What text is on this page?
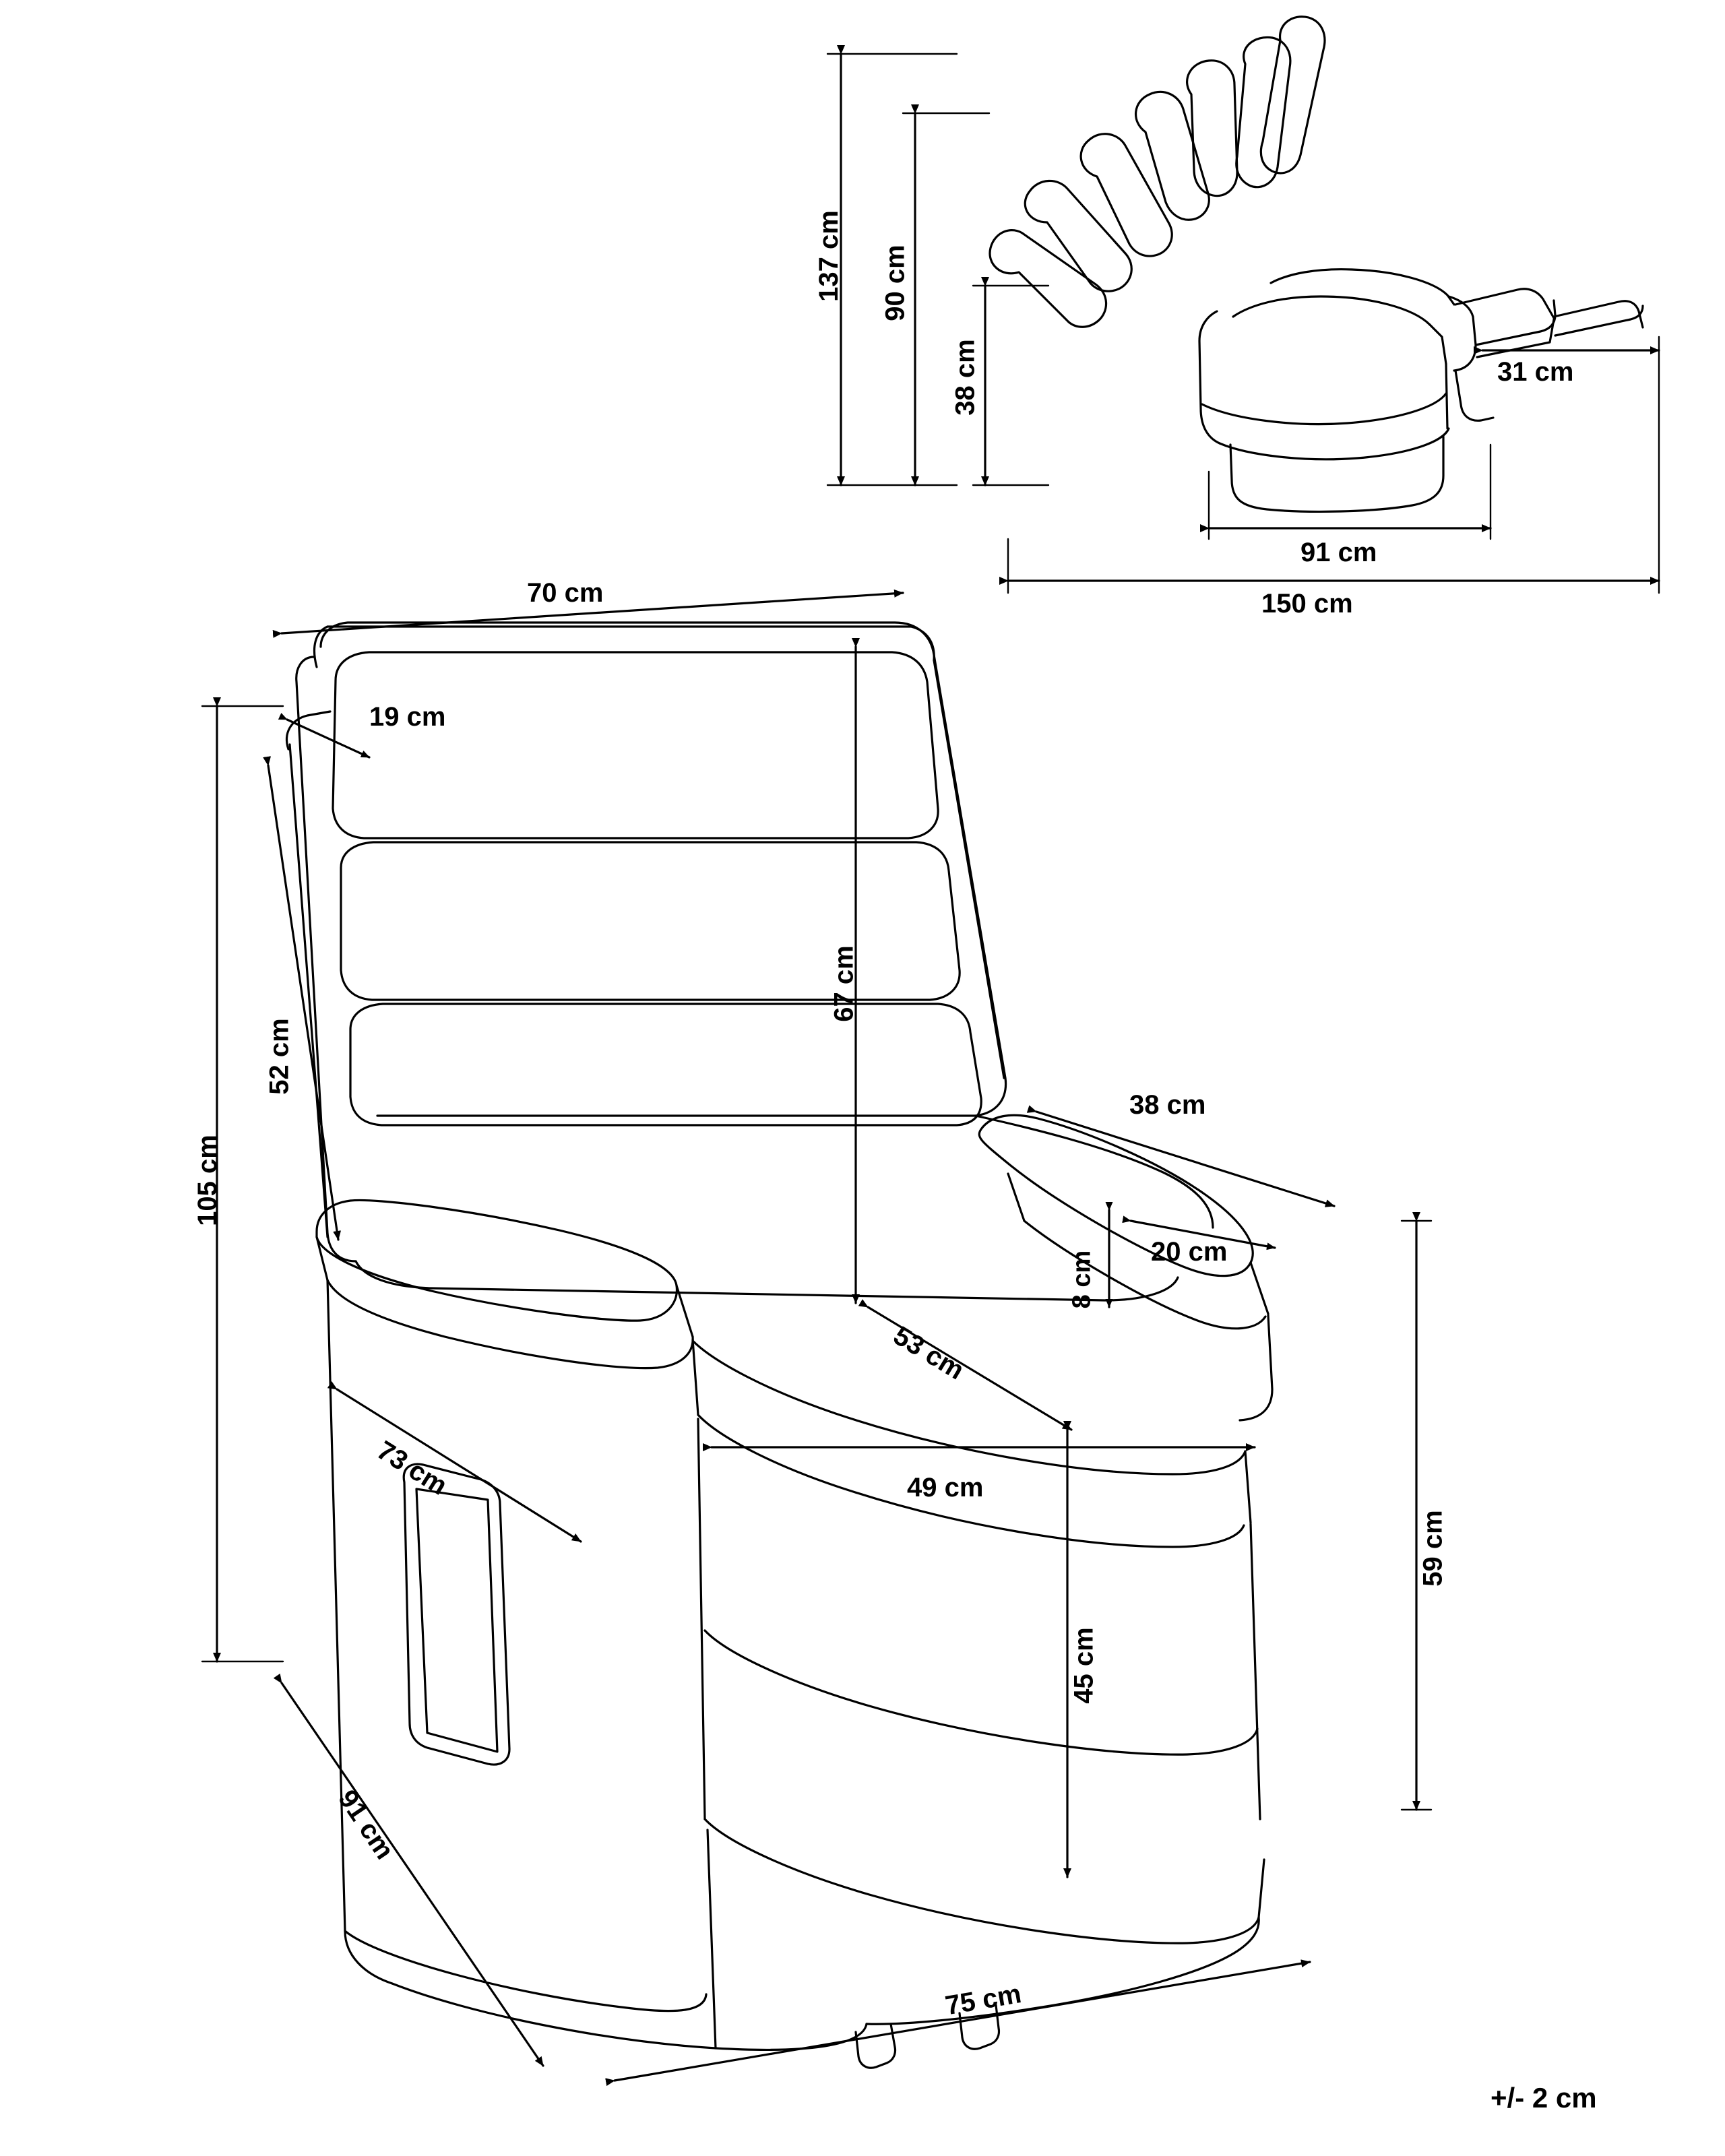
137 cm 90 cm
38 cm	31 cm
91 cm
150 cm
70 cm
19 cm
52 cm
67 cm
105 cm
38 cm
20 cm
8 cm
53 cm
49 cm
73 cm
45 cm
59 cm
91 cm
75 cm
+/- 2 cm
